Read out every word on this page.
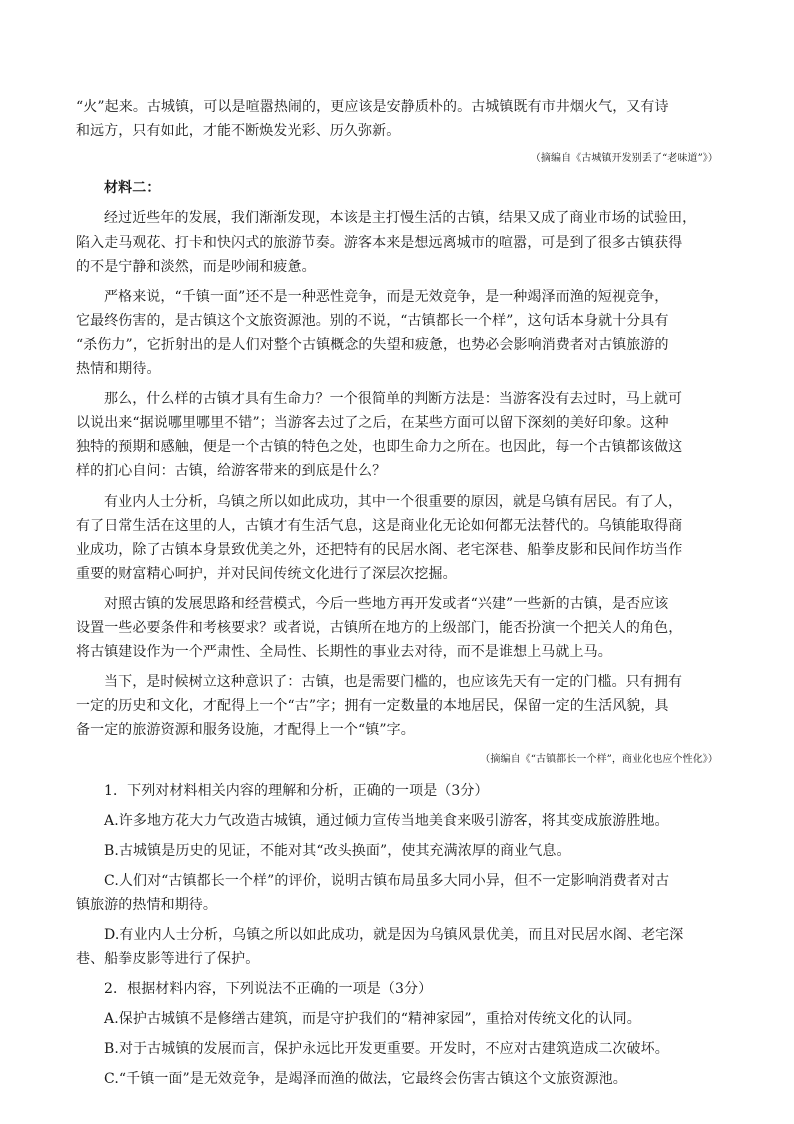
“火”起来。古城镇，可以是喧嚣热闹的，更应该是安静质朴的。古城镇既有市井烟火气，又有诗
和远方，只有如此，才能不断焕发光彩、历久弥新。
（摘编自《古城镇开发别丢了“老味道”》）
材料二：
经过近些年的发展，我们渐渐发现，本该是主打慢生活的古镇，结果又成了商业市场的试验田，
陷入走马观花、打卡和快闪式的旅游节奏。游客本来是想远离城市的喧嚣，可是到了很多古镇获得
的不是宁静和淡然，而是吵闹和疲惫。
严格来说，“千镇一面”还不是一种恶性竞争，而是无效竞争，是一种竭泽而渔的短视竞争，
它最终伤害的，是古镇这个文旅资源池。别的不说，“古镇都长一个样”，这句话本身就十分具有
“杀伤力”，它折射出的是人们对整个古镇概念的失望和疲惫，也势必会影响消费者对古镇旅游的
热情和期待。
那么，什么样的古镇才具有生命力？一个很简单的判断方法是：当游客没有去过时，马上就可
以说出来“据说哪里哪里不错”；当游客去过了之后，在某些方面可以留下深刻的美好印象。这种
独特的预期和感触，便是一个古镇的特色之处，也即生命力之所在。也因此，每一个古镇都该做这
样的扪心自问：古镇，给游客带来的到底是什么？
有业内人士分析，乌镇之所以如此成功，其中一个很重要的原因，就是乌镇有居民。有了人，
有了日常生活在这里的人，古镇才有生活气息，这是商业化无论如何都无法替代的。乌镇能取得商
业成功，除了古镇本身景致优美之外，还把特有的民居水阁、老宅深巷、船拳皮影和民间作坊当作
重要的财富精心呵护，并对民间传统文化进行了深层次挖掘。
对照古镇的发展思路和经营模式，今后一些地方再开发或者“兴建”一些新的古镇，是否应该
设置一些必要条件和考核要求？或者说，古镇所在地方的上级部门，能否扮演一个把关人的角色，
将古镇建设作为一个严肃性、全局性、长期性的事业去对待，而不是谁想上马就上马。
当下，是时候树立这种意识了：古镇，也是需要门槛的，也应该先天有一定的门槛。只有拥有
一定的历史和文化，才配得上一个“古”字；拥有一定数量的本地居民，保留一定的生活风貌，具
备一定的旅游资源和服务设施，才配得上一个“镇”字。
（摘编自《“古镇都长一个样”，商业化也应个性化》）
1．下列对材料相关内容的理解和分析，正确的一项是（3分）
A.许多地方花大力气改造古城镇，通过倾力宣传当地美食来吸引游客，将其变成旅游胜地。
B.古城镇是历史的见证，不能对其“改头换面”，使其充满浓厚的商业气息。
C.人们对“古镇都长一个样”的评价，说明古镇布局虽多大同小异，但不一定影响消费者对古
镇旅游的热情和期待。
D.有业内人士分析，乌镇之所以如此成功，就是因为乌镇风景优美，而且对民居水阁、老宅深
巷、船拳皮影等进行了保护。
2．根据材料内容，下列说法不正确的一项是（3分）
A.保护古城镇不是修缮古建筑，而是守护我们的“精神家园”，重拾对传统文化的认同。
B.对于古城镇的发展而言，保护永远比开发更重要。开发时，不应对古建筑造成二次破坏。
C.“千镇一面”是无效竞争，是竭泽而渔的做法，它最终会伤害古镇这个文旅资源池。
